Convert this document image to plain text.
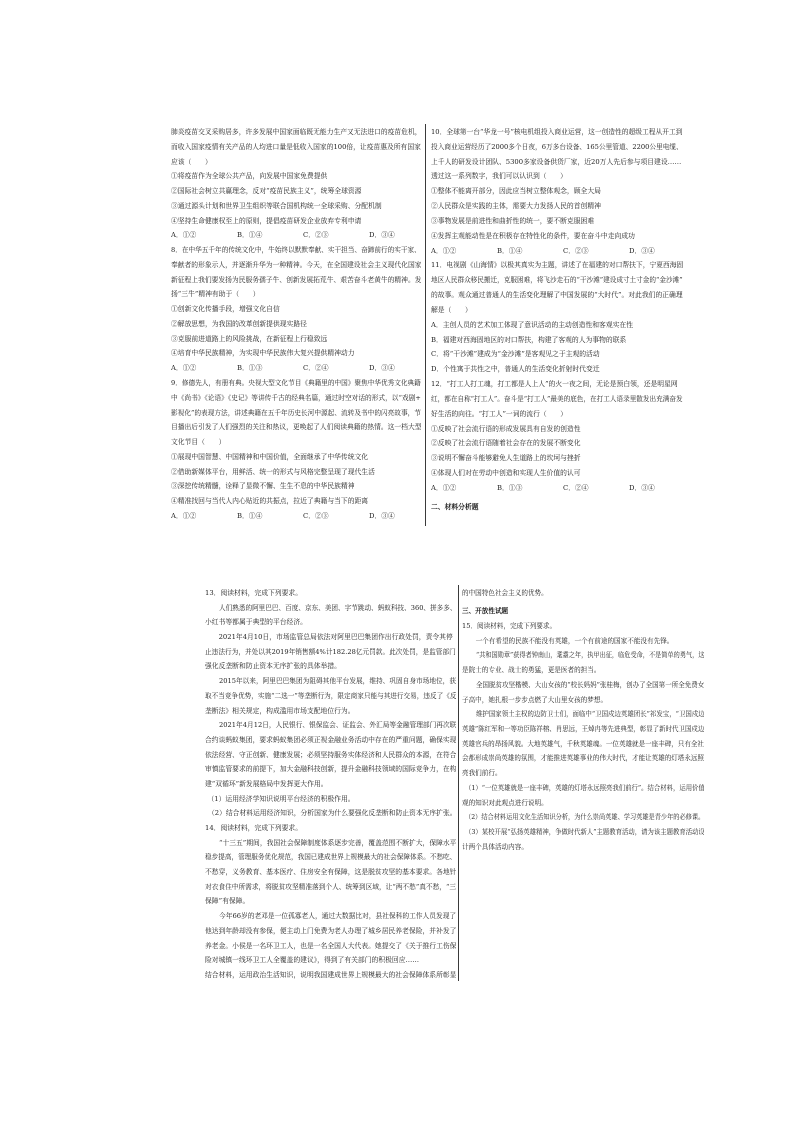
肺炎疫苗交叉采购居多，许多发展中国家面临既无能力生产又无法进口的疫苗危机，
而收入国家疫情有关产品的人均进口量是低收入国家的100倍，让疫苗惠及所有国家
应该（　　）
①将疫苗作为全球公共产品，向发展中国家免费提供
②国际社会树立共赢理念，反对“疫苗民族主义”，统筹全球资源
③通过源头计划和世界卫生组织等联合国机构统一全球采购、分配机制
④坚持生命健康权至上的原则，提倡疫苗研发企业放弃专利申请
A．①②	B．①④	C．②③	D．③④
8．在中华五千年的传统文化中，牛始终以默默奉献、实干担当、奋蹄前行的实干家、
奉献者的形象示人，并逐渐升华为一种精神。今天，在全国建设社会主义现代化国家
新征程上我们要发扬为民服务孺子牛、创新发展拓荒牛、艰苦奋斗老黄牛的精神。发
扬“三牛”精神有助于（　　）
①创新文化传播手段，增强文化自信
②解放思想，为我国的改革创新提供现实路径
③克服前进道路上的风险挑战，在新征程上行稳致远
④培育中华民族精神，为实现中华民族伟大复兴提供精神动力
A．①②	B．①③	C．②④	D．③④
9．修德先人，有册有典。央视大型文化节目《典籍里的中国》聚焦中华优秀文化典籍
中《尚书》《论语》《史记》等讲传千古的经典名篇，通过时空对话的形式，以“戏剧+
影视化”的表现方法，讲述典籍在五千年历史长河中源起、流转及书中的闪亮故事，节
目播出后引发了人们强烈的关注和热议，更唤起了人们阅读典籍的热情。这一档大型
文化节目（　　）
①展现中国智慧、中国精神和中国价值，全面继承了中华传统文化
②借助新媒体平台，用鲜活、统一的形式与风格完整呈现了现代生活
③深挖传统精髓，诠释了显微不懈、生生不息的中华民族精神
④精准找回与当代人内心贴近的共振点，拉近了典籍与当下的距离
A．①②	B．①④	C．②③	D．③④
10．全球第一台“华龙一号”核电机组投入商业运营，这一创造性的超级工程从开工到
投入商业运营经历了2000多个日夜，6万多台设备、165公里管道、2200公里电缆、
上千人的研发设计团队、5300多家设备供货厂家，近20万人先后参与项目建设……
透过这一系列数字，我们可以认识到（　　）
①整体不能离开部分，因此应当树立整体观念，顾全大局
②人民群众是实践的主体，需要大力发扬人民的首创精神
③事物发展是前进性和曲折性的统一，要不断克服困难
④发挥主观能动性是在积极存在特性化的条件，要在奋斗中走向成功
A．①②	B．①④	C．②③	D．③④
11．电视剧《山海情》以极其真实为主题，讲述了在福建的对口帮扶下，宁夏西海固
地区人民群众移民搬迁，克服困难，将飞沙走石的“干沙滩”建设成寸土寸金的“金沙滩”
的故事。观众通过普通人的生活变化理解了中国发展的“大时代”。对此我们的正确理
解是（　　）
A．主创人员的艺术加工体现了意识活动的主动创造性和客观实在性
B．福建对西海固地区的对口帮扶，构建了客观的人为事物的联系
C．将“干沙滩”建成为“金沙滩”是客观见之于主观的活动
D．个性寓于共性之中，普通人的生活变化折射时代变迁
12．“打工人打工魂，打工都是人上人”的火一夜之间，无论是预白领，还是明星网
红，都在自称“打工人”。奋斗是“打工人”最美的底色，在打工人语录里散发出充满奋发
好生活的向往。“打工人”一词的流行（　　）
①反映了社会流行语的形成发展具有自发的创造性
②反映了社会流行语随着社会存在的发展不断变化
③说明不懈奋斗能够避免人生道路上的坎坷与挫折
④体现人们对在劳动中创造和实现人生价值的认可
A．①②	B．①③	C．②④	D．③④
二、材料分析题
13．阅读材料，完成下列要求。
人们熟悉的阿里巴巴、百度、京东、美团、字节跳动、蚂蚁科技、360、拼多多、
小红书等都属于典型的平台经济。
2021年4月10日，市场监管总局依法对阿里巴巴集团作出行政处罚，责令其停
止违法行为，并处以其2019年销售额4%计182.28亿元罚款。此次处罚，是监管部门
强化反垄断和防止资本无序扩张的具体举措。
2015年以来，阿里巴巴集团为阻碍其他平台发展，维持、巩固自身市场地位，获
取不当竞争优势，实施“二选一”等垄断行为，限定商家只能与其进行交易，违反了《反
垄断法》相关规定，构成滥用市场支配地位行为。
2021年4月12日，人民银行、银保监会、证监会、外汇局等金融管理部门再次联
合约谈蚂蚁集团，要求蚂蚁集团必须正视金融业务活动中存在的严重问题，确保实现
依法经营、守正创新、健康发展；必须坚持服务实体经济和人民群众的本源，在符合
审慎监管要求的前提下，加大金融科技创新，提升金融科技领域的国际竞争力，在构
建“双循环”新发展格局中发挥更大作用。
（1）运用经济学知识说明平台经济的积极作用。
（2）结合材料运用经济知识，分析国家为什么要强化反垄断和防止资本无序扩张。
14．阅读材料，完成下列要求。
“十三五”期间，我国社会保障制度体系逐步完善，覆盖范围不断扩大，保障水平
稳步提高，管理服务优化规范，我国已建成世界上规模最大的社会保障体系。不愁吃、
不愁穿，义务教育、基本医疗、住房安全有保障，这是脱贫攻坚的基本要求。各地针
对衣食住中所需求，将脱贫攻坚精准落到个人、统筹到区域，让“两不愁”真不愁，“三
保障”有保障。
今年66岁的老邓是一位孤寡老人，通过大数据比对，县社保科的工作人员发现了
他达到年龄却没有参保，便主动上门免费为老人办理了城乡居民养老保险，并补发了
养老金。小侯是一名环卫工人，也是一名全国人大代表。她提交了《关于推行工伤保
险对城镇一线环卫工人全覆盖的建议》，得到了有关部门的积极回应……
结合材料，运用政治生活知识，说明我国建成世界上规模最大的社会保障体系所彰显
的中国特色社会主义的优势。
三、开放性试题
15．阅读材料，完成下列要求。
一个有希望的民族不能没有英雄，一个有前途的国家不能没有先锋。
“共和国勋章”获得者钟南山，耄耋之年，执甲出征，临危受命，不是简单的勇气，这
是院士的专业、战士的勇猛，更是医者的担当。
全国脱贫攻坚楷模、大山女孩的“校长妈妈”张桂梅，创办了全国第一所全免费女
子高中，她扎根一步步点燃了大山里女孩的梦想。
维护国家领土主权的边防卫士们，面临中“卫国戍边英雄团长”祁发宝，“卫国戍边
英雄”陈红军和一等功臣陈祥榕、肖思远，王焯冉等先进典型，彰显了新时代卫国戍边
英雄官兵的昂扬风貌。大地英雄气，千秋英雄魂。一位英雄就是一座丰碑，只有全社
会都形成崇尚英雄的氛围，才能推进英雄事业的伟大时代，才能让英雄的灯塔永远照
亮我们前行。
（1）“一位英雄就是一座丰碑，英雄的灯塔永远照亮我们前行”。结合材料，运用价值
观的知识对此观点进行说明。
（2）结合材料运用文化生活知识分析，为什么崇尚英雄、学习英雄是青少年的必修课。
（3）某校开展“弘扬英雄精神，争做时代新人”主题教育活动，请为该主题教育活动设
计两个具体活动内容。
